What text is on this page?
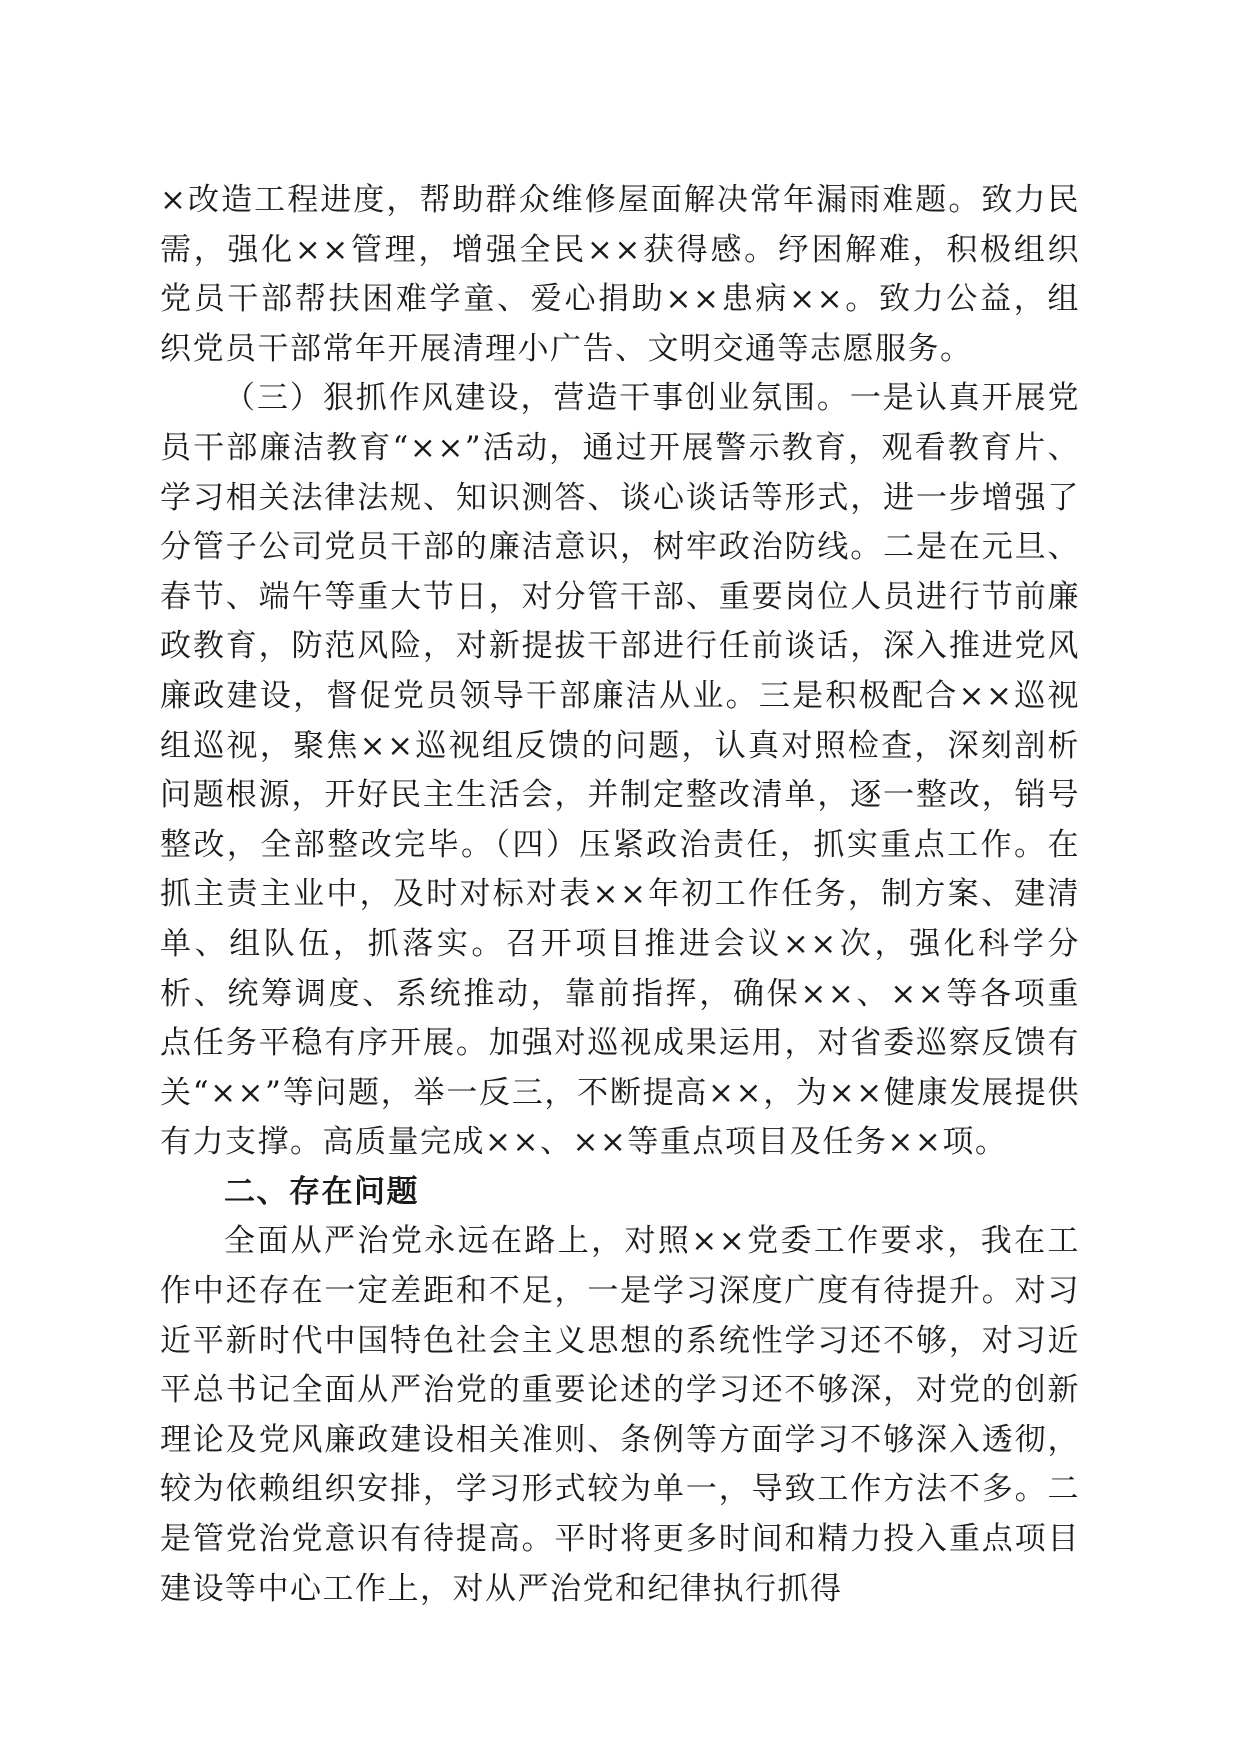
×改造工程进度，帮助群众维修屋面解决常年漏雨难题。致力民需，强化××管理，增强全民××获得感。纾困解难，积极组织党员干部帮扶困难学童、爱心捐助××患病××。致力公益，组织党员干部常年开展清理小广告、文明交通等志愿服务。

（三）狠抓作风建设，营造干事创业氛围。一是认真开展党员干部廉洁教育“××”活动，通过开展警示教育，观看教育片、学习相关法律法规、知识测答、谈心谈话等形式，进一步增强了分管子公司党员干部的廉洁意识，树牢政治防线。二是在元旦、春节、端午等重大节日，对分管干部、重要岗位人员进行节前廉政教育，防范风险，对新提拔干部进行任前谈话，深入推进党风廉政建设，督促党员领导干部廉洁从业。三是积极配合××巡视组巡视，聚焦××巡视组反馈的问题，认真对照检查，深刻剖析问题根源，开好民主生活会，并制定整改清单，逐一整改，销号整改，全部整改完毕。（四）压紧政治责任，抓实重点工作。在抓主责主业中，及时对标对表××年初工作任务，制方案、建清单、组队伍，抓落实。召开项目推进会议××次，强化科学分析、统筹调度、系统推动，靠前指挥，确保××、××等各项重点任务平稳有序开展。加强对巡视成果运用，对省委巡察反馈有关“××”等问题，举一反三，不断提高××，为××健康发展提供有力支撑。高质量完成××、××等重点项目及任务××项。

二、存在问题

全面从严治党永远在路上，对照××党委工作要求，我在工作中还存在一定差距和不足，一是学习深度广度有待提升。对习近平新时代中国特色社会主义思想的系统性学习还不够，对习近平总书记全面从严治党的重要论述的学习还不够深，对党的创新理论及党风廉政建设相关准则、条例等方面学习不够深入透彻，较为依赖组织安排，学习形式较为单一，导致工作方法不多。二是管党治党意识有待提高。平时将更多时间和精力投入重点项目建设等中心工作上，对从严治党和纪律执行抓得
